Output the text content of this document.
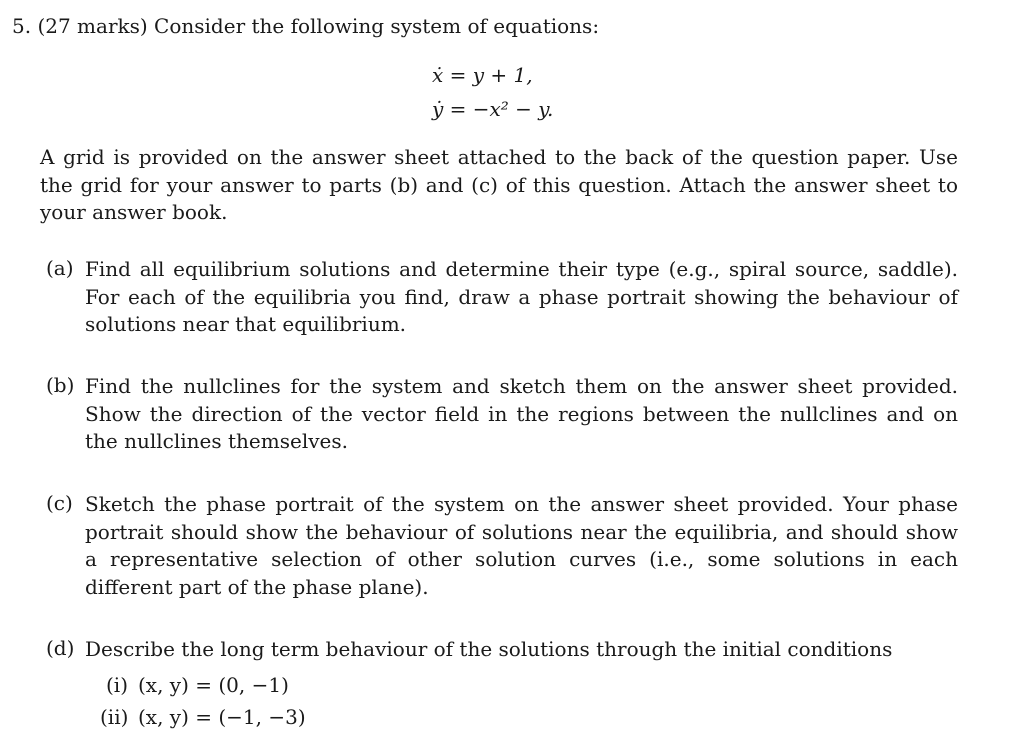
5. (27 marks) Consider the following system of equations:
ẋ = y + 1,
ẏ = −x² − y.
A grid is provided on the answer sheet attached to the back of the question paper. Use the grid for your answer to parts (b) and (c) of this question. Attach the answer sheet to your answer book.
(a) Find all equilibrium solutions and determine their type (e.g., spiral source, saddle). For each of the equilibria you find, draw a phase portrait showing the behaviour of solutions near that equilibrium.
(b) Find the nullclines for the system and sketch them on the answer sheet provided. Show the direction of the vector field in the regions between the nullclines and on the nullclines themselves.
(c) Sketch the phase portrait of the system on the answer sheet provided. Your phase portrait should show the behaviour of solutions near the equilibria, and should show a representative selection of other solution curves (i.e., some solutions in each different part of the phase plane).
(d) Describe the long term behaviour of the solutions through the initial conditions
(i) (x, y) = (0, −1)
(ii) (x, y) = (−1, −3)
